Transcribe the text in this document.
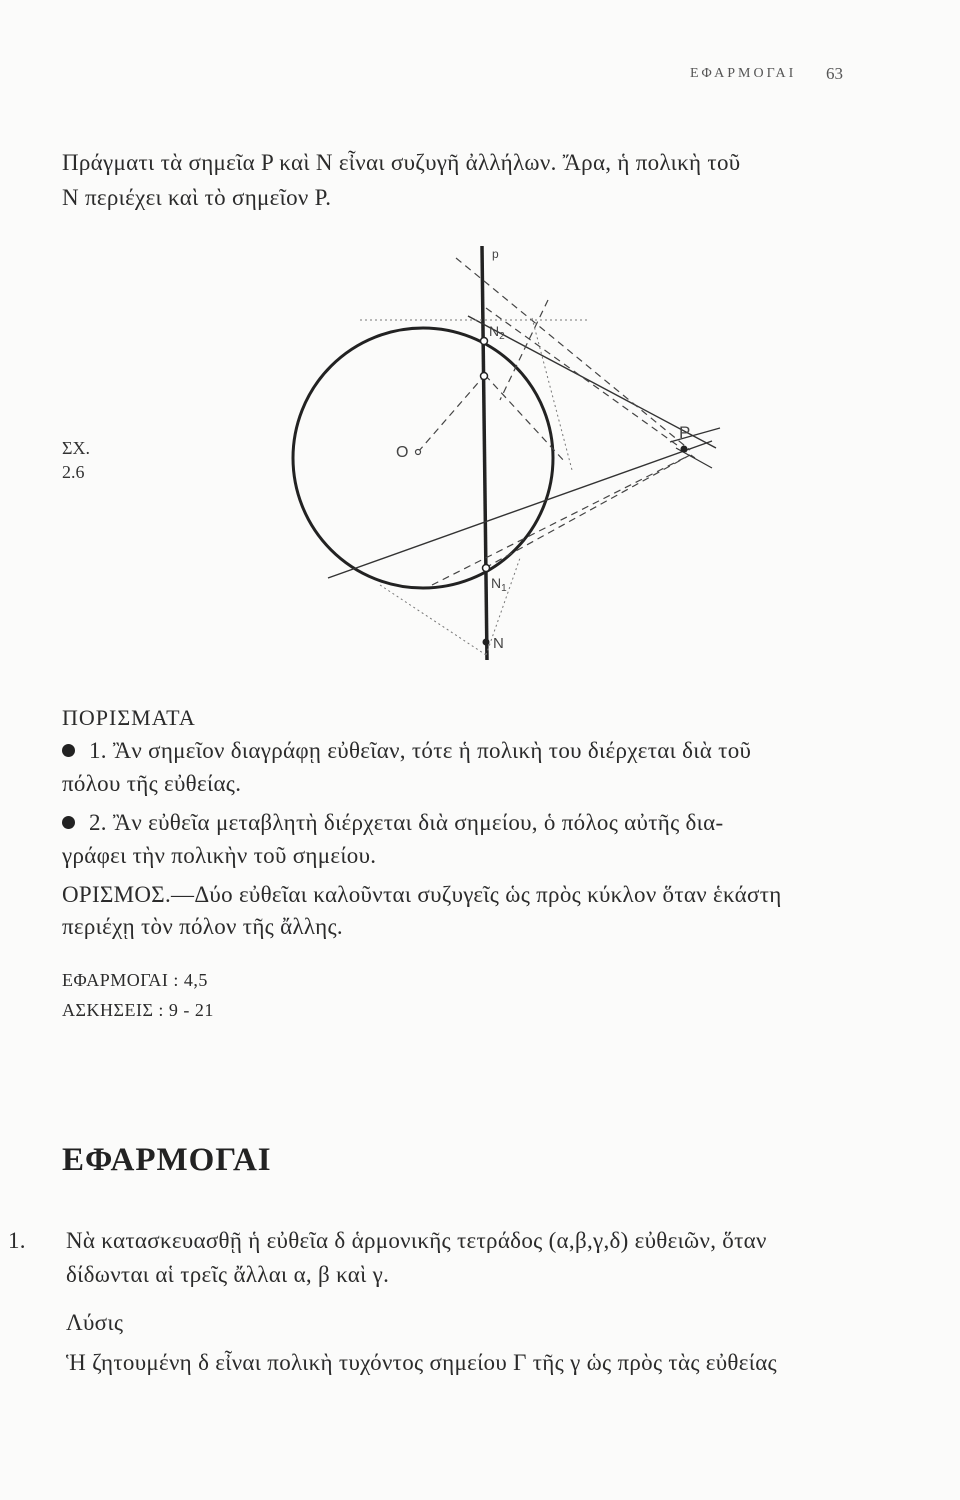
ΕΦΑΡΜΟΓΑΙ 63
Πράγματι τὰ σημεῖα P καὶ N εἶναι συζυγῆ ἀλλήλων. Ἄρα, ἡ πολικὴ τοῦ
N περιέχει καὶ τὸ σημεῖον P.
ΣΧ.
2.6
p
P
O
$N_2$
$N_1$
N
ΠΟΡΙΣΜΑΤΑ
1. Ἂν σημεῖον διαγράφῃ εὐθεῖαν, τότε ἡ πολικὴ του διέρχεται διὰ τοῦ
πόλου τῆς εὐθείας.
2. Ἂν εὐθεῖα μεταβλητὴ διέρχεται διὰ σημείου, ὁ πόλος αὐτῆς δια-
γράφει τὴν πολικὴν τοῦ σημείου.
ΟΡΙΣΜΟΣ.—Δύο εὐθεῖαι καλοῦνται συζυγεῖς ὡς πρὸς κύκλον ὅταν ἑκάστη
περιέχῃ τὸν πόλον τῆς ἄλλης.
ΕΦΑΡΜΟΓΑΙ : 4,5
ΑΣΚΗΣΕΙΣ : 9 - 21
ΕΦΑΡΜΟΓΑΙ
1. Νὰ κατασκευασθῇ ἡ εὐθεῖα δ ἁρμονικῆς τετράδος (α,β,γ,δ) εὐθειῶν, ὅταν
δίδωνται αἱ τρεῖς ἄλλαι α, β καὶ γ.
Λύσις
Ἡ ζητουμένη δ εἶναι πολικὴ τυχόντος σημείου Γ τῆς γ ὡς πρὸς τὰς εὐθείας
